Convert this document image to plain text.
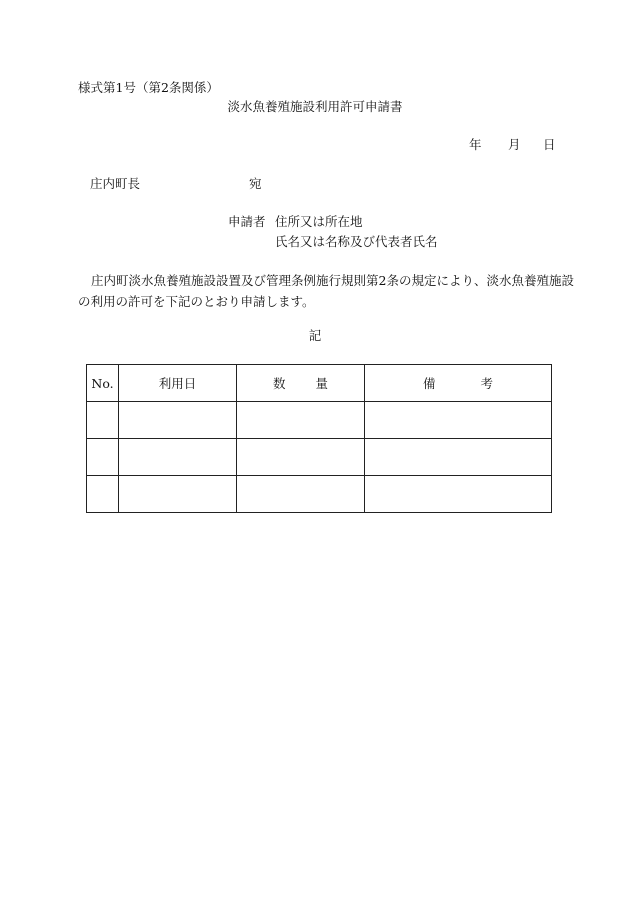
様式第1号（第2条関係）
淡水魚養殖施設利用許可申請書
年 月 日
庄内町長	宛
申請者 住所又は所在地
氏名又は名称及び代表者氏名
庄内町淡水魚養殖施設設置及び管理条例施行規則第2条の規定により、淡水魚養殖施設の利用の許可を下記のとおり申請します。
記
No.	利用日	数量	備考
